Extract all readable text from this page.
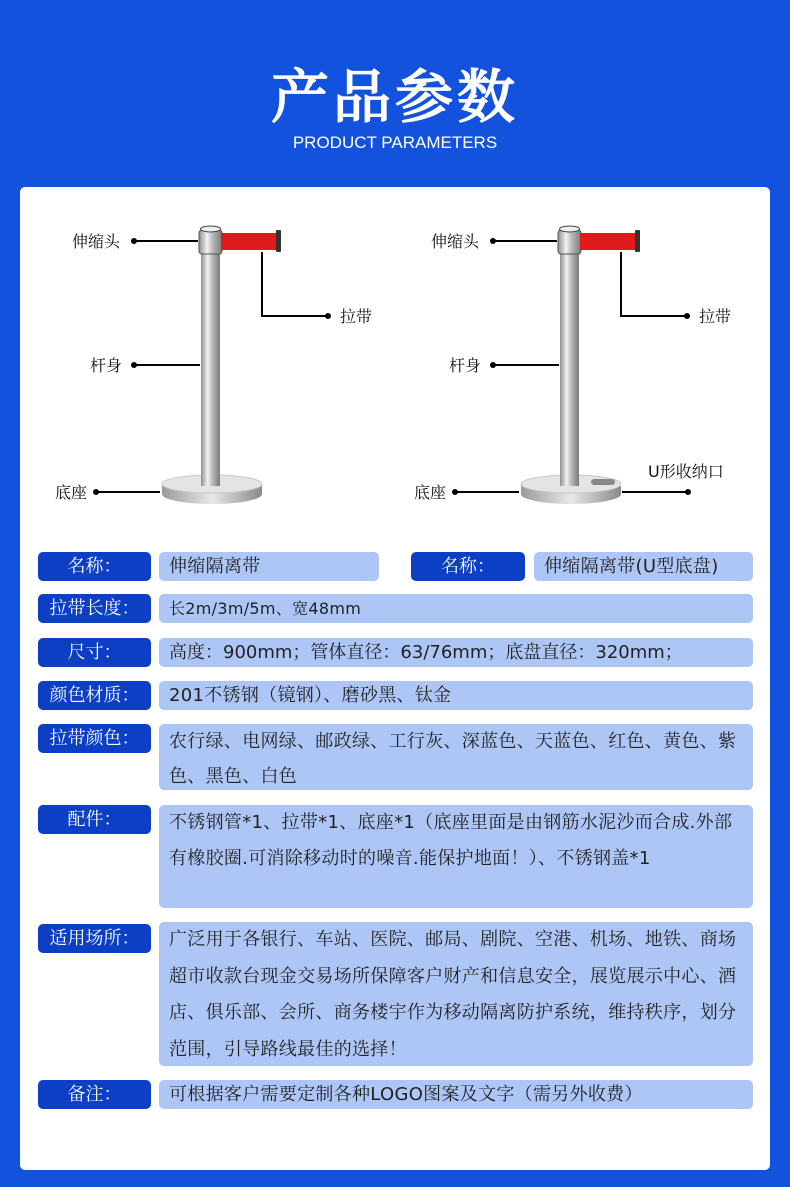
产品参数
PRODUCT PARAMETERS
伸缩头
拉带
杆身
底座
伸缩头
拉带
杆身
底座
U形收纳口
名称：	伸缩隔离带	名称：	伸缩隔离带(U型底盘)
拉带长度：	长2m/3m/5m、宽48mm
尺寸：	高度：900mm；管体直径：63/76mm；底盘直径：320mm；
颜色材质：	201不锈钢（镜钢）、磨砂黑、钛金
拉带颜色：	农行绿、电网绿、邮政绿、工行灰、深蓝色、天蓝色、红色、黄色、紫色、黑色、白色
配件：	不锈钢管*1、拉带*1、底座*1（底座里面是由钢筋水泥沙而合成.外部有橡胶圈.可消除移动时的噪音.能保护地面！）、不锈钢盖*1
适用场所：	广泛用于各银行、车站、医院、邮局、剧院、空港、机场、地铁、商场超市收款台现金交易场所保障客户财产和信息安全，展览展示中心、酒店、俱乐部、会所、商务楼宇作为移动隔离防护系统，维持秩序，划分范围，引导路线最佳的选择！
备注：	可根据客户需要定制各种LOGO图案及文字（需另外收费）
